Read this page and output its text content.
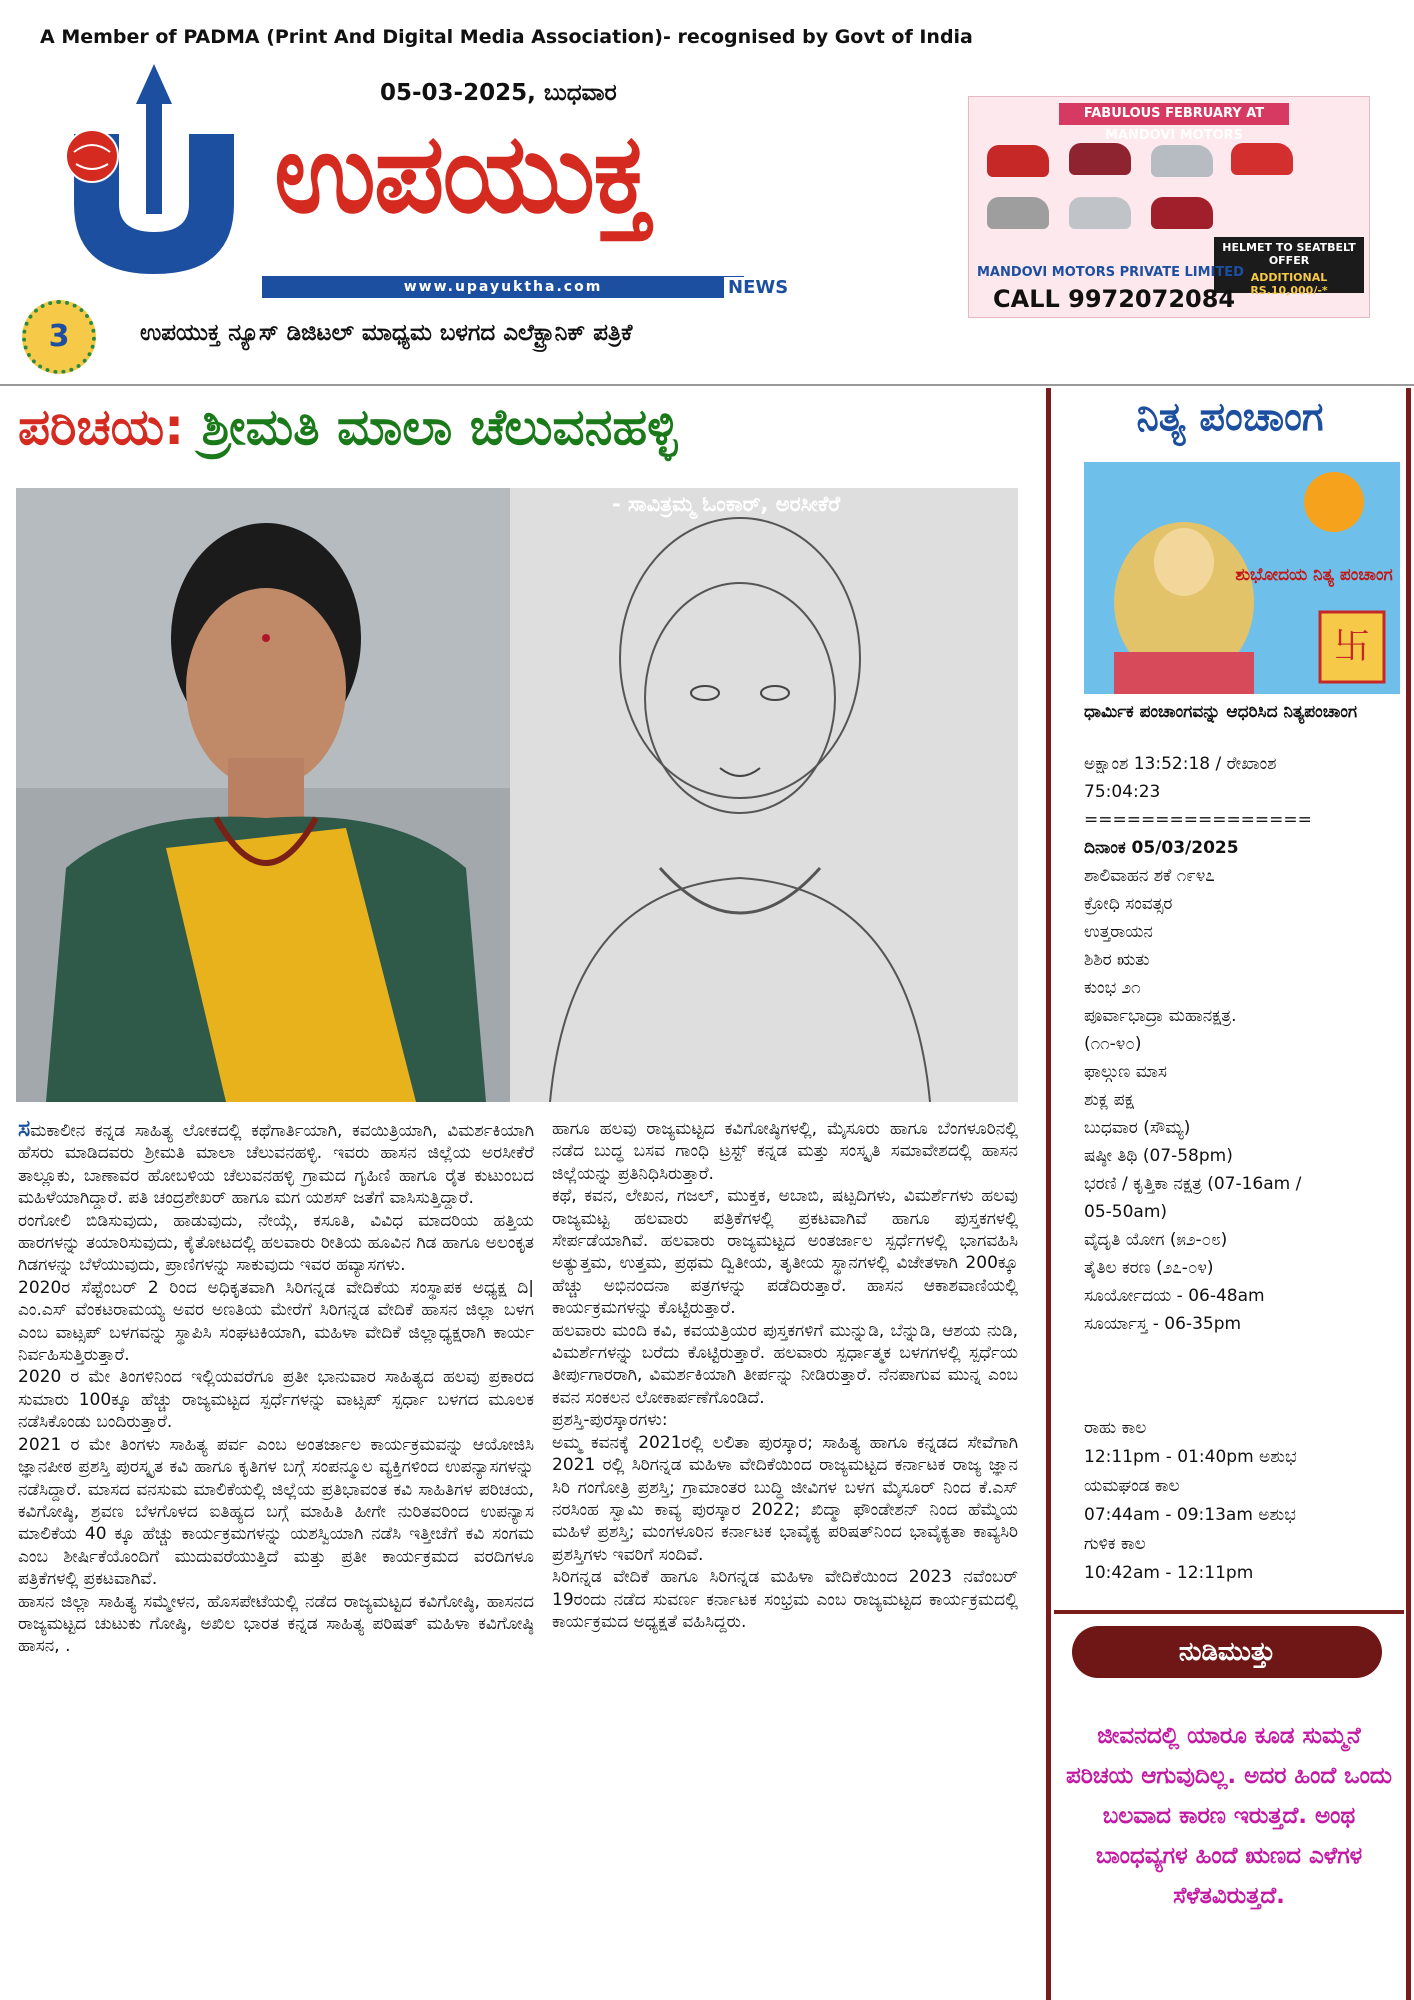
A Member of PADMA (Print And Digital Media Association)- recognised by Govt of India
05-03-2025, ಬುಧವಾರ
ಉಪಯುಕ್ತ
www.upayuktha.com	NEWS
3	ಉಪಯುಕ್ತ ನ್ಯೂಸ್ ಡಿಜಿಟಲ್ ಮಾಧ್ಯಮ ಬಳಗದ ಎಲೆಕ್ಟ್ರಾನಿಕ್ ಪತ್ರಿಕೆ
FABULOUS FEBRUARY AT MANDOVI MOTORS
HELMET TO SEATBELT OFFER
ADDITIONAL RS.10,000/-*
MANDOVI MOTORS PRIVATE LIMITED
CALL 9972072084
ಪರಿಚಯ: ಶ್ರೀಮತಿ ಮಾಲಾ ಚೆಲುವನಹಳ್ಳಿ
- ಸಾವಿತ್ರಮ್ಮ ಓಂಕಾರ್, ಅರಸೀಕೆರೆ

ಸಮಕಾಲೀನ ಕನ್ನಡ ಸಾಹಿತ್ಯ ಲೋಕದಲ್ಲಿ ಕಥೆಗಾರ್ತಿಯಾಗಿ, ಕವಯಿತ್ರಿಯಾಗಿ, ವಿಮರ್ಶಕಿಯಾಗಿ ಹೆಸರು ಮಾಡಿದವರು ಶ್ರೀಮತಿ ಮಾಲಾ ಚೆಲುವನಹಳ್ಳಿ. ಇವರು ಹಾಸನ ಜಿಲ್ಲೆಯ ಅರಸೀಕೆರೆ ತಾಲ್ಲೂಕು, ಬಾಣಾವರ ಹೋಬಳಿಯ ಚೆಲುವನಹಳ್ಳಿ ಗ್ರಾಮದ ಗೃಹಿಣಿ ಹಾಗೂ ರೈತ ಕುಟುಂಬದ ಮಹಿಳೆಯಾಗಿದ್ದಾರೆ. ಪತಿ ಚಂದ್ರಶೇಖರ್ ಹಾಗೂ ಮಗ ಯಶಸ್ ಜತೆಗೆ ವಾಸಿಸುತ್ತಿದ್ದಾರೆ.

ರಂಗೋಲಿ ಬಿಡಿಸುವುದು, ಹಾಡುವುದು, ನೇಯ್ಗೆ, ಕಸೂತಿ, ವಿವಿಧ ಮಾದರಿಯ ಹತ್ತಿಯ ಹಾರಗಳನ್ನು ತಯಾರಿಸುವುದು, ಕೈತೋಟದಲ್ಲಿ ಹಲವಾರು ರೀತಿಯ ಹೂವಿನ ಗಿಡ ಹಾಗೂ ಅಲಂಕೃತ ಗಿಡಗಳನ್ನು ಬೆಳೆಯುವುದು, ಪ್ರಾಣಿಗಳನ್ನು ಸಾಕುವುದು ಇವರ ಹವ್ಯಾಸಗಳು.

2020ರ ಸೆಪ್ಟೆಂಬರ್ 2 ರಿಂದ ಅಧಿಕೃತವಾಗಿ ಸಿರಿಗನ್ನಡ ವೇದಿಕೆಯ ಸಂಸ್ಥಾಪಕ ಅಧ್ಯಕ್ಷ ದಿ| ಎಂ.ಎಸ್ ವೆಂಕಟರಾಮಯ್ಯ ಅವರ ಅಣತಿಯ ಮೇರೆಗೆ ಸಿರಿಗನ್ನಡ ವೇದಿಕೆ ಹಾಸನ ಜಿಲ್ಲಾ ಬಳಗ ಎಂಬ ವಾಟ್ಸಪ್ ಬಳಗವನ್ನು ಸ್ಥಾಪಿಸಿ ಸಂಘಟಕಿಯಾಗಿ, ಮಹಿಳಾ ವೇದಿಕೆ ಜಿಲ್ಲಾಧ್ಯಕ್ಷರಾಗಿ ಕಾರ್ಯ ನಿರ್ವಹಿಸುತ್ತಿರುತ್ತಾರೆ.

2020 ರ ಮೇ ತಿಂಗಳಿನಿಂದ ಇಲ್ಲಿಯವರೆಗೂ ಪ್ರತೀ ಭಾನುವಾರ ಸಾಹಿತ್ಯದ ಹಲವು ಪ್ರಕಾರದ ಸುಮಾರು 100ಕ್ಕೂ ಹೆಚ್ಚು ರಾಜ್ಯಮಟ್ಟದ ಸ್ಪರ್ಧೆಗಳನ್ನು ವಾಟ್ಸಪ್ ಸ್ಪರ್ಧಾ ಬಳಗದ ಮೂಲಕ ನಡೆಸಿಕೊಂಡು ಬಂದಿರುತ್ತಾರೆ.

2021 ರ ಮೇ ತಿಂಗಳು ಸಾಹಿತ್ಯ ಪರ್ವ ಎಂಬ ಅಂತರ್ಜಾಲ ಕಾರ್ಯಕ್ರಮವನ್ನು ಆಯೋಜಿಸಿ ಜ್ಞಾನಪೀಠ ಪ್ರಶಸ್ತಿ ಪುರಸ್ಕೃತ ಕವಿ ಹಾಗೂ ಕೃತಿಗಳ ಬಗ್ಗೆ ಸಂಪನ್ಮೂಲ ವ್ಯಕ್ತಿಗಳಿಂದ ಉಪನ್ಯಾಸಗಳನ್ನು ನಡೆಸಿದ್ದಾರೆ. ಮಾಸದ ವನಸುಮ ಮಾಲಿಕೆಯಲ್ಲಿ ಜಿಲ್ಲೆಯ ಪ್ರತಿಭಾವಂತ ಕವಿ ಸಾಹಿತಿಗಳ ಪರಿಚಯ, ಕವಿಗೋಷ್ಠಿ, ಶ್ರವಣ ಬೆಳಗೊಳದ ಐತಿಹ್ಯದ ಬಗ್ಗೆ ಮಾಹಿತಿ ಹೀಗೇ ನುರಿತವರಿಂದ ಉಪನ್ಯಾಸ ಮಾಲಿಕೆಯ 40 ಕ್ಕೂ ಹೆಚ್ಚು ಕಾರ್ಯಕ್ರಮಗಳನ್ನು ಯಶಸ್ವಿಯಾಗಿ ನಡೆಸಿ ಇತ್ತೀಚೆಗೆ ಕವಿ ಸಂಗಮ ಎಂಬ ಶೀರ್ಷಿಕೆಯೊಂದಿಗೆ ಮುದುವರೆಯುತ್ತಿದೆ ಮತ್ತು ಪ್ರತೀ ಕಾರ್ಯಕ್ರಮದ ವರದಿಗಳೂ ಪತ್ರಿಕೆಗಳಲ್ಲಿ ಪ್ರಕಟವಾಗಿವೆ.

ಹಾಸನ ಜಿಲ್ಲಾ ಸಾಹಿತ್ಯ ಸಮ್ಮೇಳನ, ಹೊಸಪೇಟೆಯಲ್ಲಿ ನಡೆದ ರಾಜ್ಯಮಟ್ಟದ ಕವಿಗೋಷ್ಠಿ, ಹಾಸನದ ರಾಜ್ಯಮಟ್ಟದ ಚುಟುಕು ಗೋಷ್ಠಿ, ಅಖಿಲ ಭಾರತ ಕನ್ನಡ ಸಾಹಿತ್ಯ ಪರಿಷತ್ ಮಹಿಳಾ ಕವಿಗೋಷ್ಠಿ ಹಾಸನ, .

ಹಾಗೂ ಹಲವು ರಾಜ್ಯಮಟ್ಟದ ಕವಿಗೋಷ್ಠಿಗಳಲ್ಲಿ, ಮೈಸೂರು ಹಾಗೂ ಬೆಂಗಳೂರಿನಲ್ಲಿ ನಡೆದ ಬುದ್ಧ ಬಸವ ಗಾಂಧಿ ಟ್ರಸ್ಟ್ ಕನ್ನಡ ಮತ್ತು ಸಂಸ್ಕೃತಿ ಸಮಾವೇಶದಲ್ಲಿ ಹಾಸನ ಜಿಲ್ಲೆಯನ್ನು ಪ್ರತಿನಿಧಿಸಿರುತ್ತಾರೆ.

ಕಥೆ, ಕವನ, ಲೇಖನ, ಗಜಲ್, ಮುಕ್ತಕ, ಅಬಾಬಿ, ಷಟ್ಪದಿಗಳು, ವಿಮರ್ಶೆಗಳು ಹಲವು ರಾಜ್ಯಮಟ್ಟ ಹಲವಾರು ಪತ್ರಿಕೆಗಳಲ್ಲಿ ಪ್ರಕಟವಾಗಿವೆ ಹಾಗೂ ಪುಸ್ತಕಗಳಲ್ಲಿ ಸೇರ್ಪಡೆಯಾಗಿವೆ. ಹಲವಾರು ರಾಜ್ಯಮಟ್ಟದ ಅಂತರ್ಜಾಲ ಸ್ಪರ್ಧೆಗಳಲ್ಲಿ ಭಾಗವಹಿಸಿ ಅತ್ಯುತ್ತಮ, ಉತ್ತಮ, ಪ್ರಥಮ ದ್ವಿತೀಯ, ತೃತೀಯ ಸ್ಥಾನಗಳಲ್ಲಿ ವಿಜೇತಳಾಗಿ 200ಕ್ಕೂ ಹೆಚ್ಚು ಅಭಿನಂದನಾ ಪತ್ರಗಳನ್ನು ಪಡೆದಿರುತ್ತಾರೆ. ಹಾಸನ ಆಕಾಶವಾಣಿಯಲ್ಲಿ ಕಾರ್ಯಕ್ರಮಗಳನ್ನು ಕೊಟ್ಟಿರುತ್ತಾರೆ.

ಹಲವಾರು ಮಂದಿ ಕವಿ, ಕವಯತ್ರಿಯರ ಪುಸ್ತಕಗಳಿಗೆ ಮುನ್ನುಡಿ, ಬೆನ್ನುಡಿ, ಆಶಯ ನುಡಿ, ವಿಮರ್ಶೆಗಳನ್ನು ಬರೆದು ಕೊಟ್ಟಿರುತ್ತಾರೆ. ಹಲವಾರು ಸ್ಪರ್ಧಾತ್ಮಕ ಬಳಗಗಳಲ್ಲಿ ಸ್ಪರ್ಧೆಯ ತೀರ್ಪುಗಾರರಾಗಿ, ವಿಮರ್ಶಕಿಯಾಗಿ ತೀರ್ಪನ್ನು ನೀಡಿರುತ್ತಾರೆ. ನೆನಪಾಗುವ ಮುನ್ನ ಎಂಬ ಕವನ ಸಂಕಲನ ಲೋಕಾರ್ಪಣೆಗೊಂಡಿದೆ.

ಪ್ರಶಸ್ತಿ-ಪುರಸ್ಕಾರಗಳು:

ಅಮ್ಮ ಕವನಕ್ಕೆ 2021ರಲ್ಲಿ ಲಲಿತಾ ಪುರಸ್ಕಾರ; ಸಾಹಿತ್ಯ ಹಾಗೂ ಕನ್ನಡದ ಸೇವೆಗಾಗಿ 2021 ರಲ್ಲಿ ಸಿರಿಗನ್ನಡ ಮಹಿಳಾ ವೇದಿಕೆಯಿಂದ ರಾಜ್ಯಮಟ್ಟದ ಕರ್ನಾಟಕ ರಾಜ್ಯ ಜ್ಞಾನ ಸಿರಿ ಗಂಗೋತ್ರಿ ಪ್ರಶಸ್ತಿ; ಗ್ರಾಮಾಂತರ ಬುದ್ಧಿ ಜೀವಿಗಳ ಬಳಗ ಮೈಸೂರ್ ನಿಂದ ಕೆ.ಎಸ್ ನರಸಿಂಹ ಸ್ವಾಮಿ ಕಾವ್ಯ ಪುರಸ್ಕಾರ 2022; ಖಿದ್ಮಾ ಫೌಂಡೇಶನ್ ನಿಂದ ಹೆಮ್ಮೆಯ ಮಹಿಳೆ ಪ್ರಶಸ್ತಿ; ಮಂಗಳೂರಿನ ಕರ್ನಾಟಕ ಭಾವೈಕ್ಯ ಪರಿಷತ್‌ನಿಂದ ಭಾವೈಕ್ಯತಾ ಕಾವ್ಯಸಿರಿ ಪ್ರಶಸ್ತಿಗಳು ಇವರಿಗೆ ಸಂದಿವೆ.

ಸಿರಿಗನ್ನಡ ವೇದಿಕೆ ಹಾಗೂ ಸಿರಿಗನ್ನಡ ಮಹಿಳಾ ವೇದಿಕೆಯಿಂದ 2023 ನವೆಂಬರ್ 19ರಂದು ನಡೆದ ಸುವರ್ಣ ಕರ್ನಾಟಕ ಸಂಭ್ರಮ ಎಂಬ ರಾಜ್ಯಮಟ್ಟದ ಕಾರ್ಯಕ್ರಮದಲ್ಲಿ ಕಾರ್ಯಕ್ರಮದ ಅಧ್ಯಕ್ಷತೆ ವಹಿಸಿದ್ದರು.

ನಿತ್ಯ ಪಂಚಾಂಗ
卐
ಶುಭೋದಯ ನಿತ್ಯ ಪಂಚಾಂಗ
ಧಾರ್ಮಿಕ ಪಂಚಾಂಗವನ್ನು ಆಧರಿಸಿದ ನಿತ್ಯಪಂಚಾಂಗ
ಅಕ್ಷಾಂಶ 13:52:18 / ರೇಖಾಂಶ
75:04:23
================
ದಿನಾಂಕ 05/03/2025
ಶಾಲಿವಾಹನ ಶಕೆ ೧೯೪೭
ಕ್ರೋಧಿ ಸಂವತ್ಸರ
ಉತ್ತರಾಯನ
ಶಿಶಿರ ಋತು
ಕುಂಭ ೨೧
ಪೂರ್ವಾಭಾದ್ರಾ ಮಹಾನಕ್ಷತ್ರ.
(೧೧-೪೦)
ಫಾಲ್ಗುಣ ಮಾಸ
ಶುಕ್ಲ ಪಕ್ಷ
ಬುಧವಾರ (ಸೌಮ್ಯ)
ಷಷ್ಠೀ ತಿಥಿ (07-58pm)
ಭರಣಿ / ಕೃತ್ತಿಕಾ ನಕ್ಷತ್ರ (07-16am /
05-50am)
ವೈದೃತಿ ಯೋಗ (೫೨-೦೮)
ತೈತಿಲ ಕರಣ (೨೭-೦೪)
ಸೂರ್ಯೋದಯ - 06-48am
ಸೂರ್ಯಾಸ್ತ - 06-35pm
ರಾಹು ಕಾಲ
12:11pm - 01:40pm ಅಶುಭ
ಯಮಘಂಡ ಕಾಲ
07:44am - 09:13am ಅಶುಭ
ಗುಳಿಕ ಕಾಲ
10:42am - 12:11pm
ನುಡಿಮುತ್ತು
ಜೀವನದಲ್ಲಿ ಯಾರೂ ಕೂಡ ಸುಮ್ಮನೆ ಪರಿಚಯ ಆಗುವುದಿಲ್ಲ. ಅದರ ಹಿಂದೆ ಒಂದು ಬಲವಾದ ಕಾರಣ ಇರುತ್ತದೆ. ಅಂಥ ಬಾಂಧವ್ಯಗಳ ಹಿಂದೆ ಋಣದ ಎಳೆಗಳ ಸೆಳೆತವಿರುತ್ತದೆ.
